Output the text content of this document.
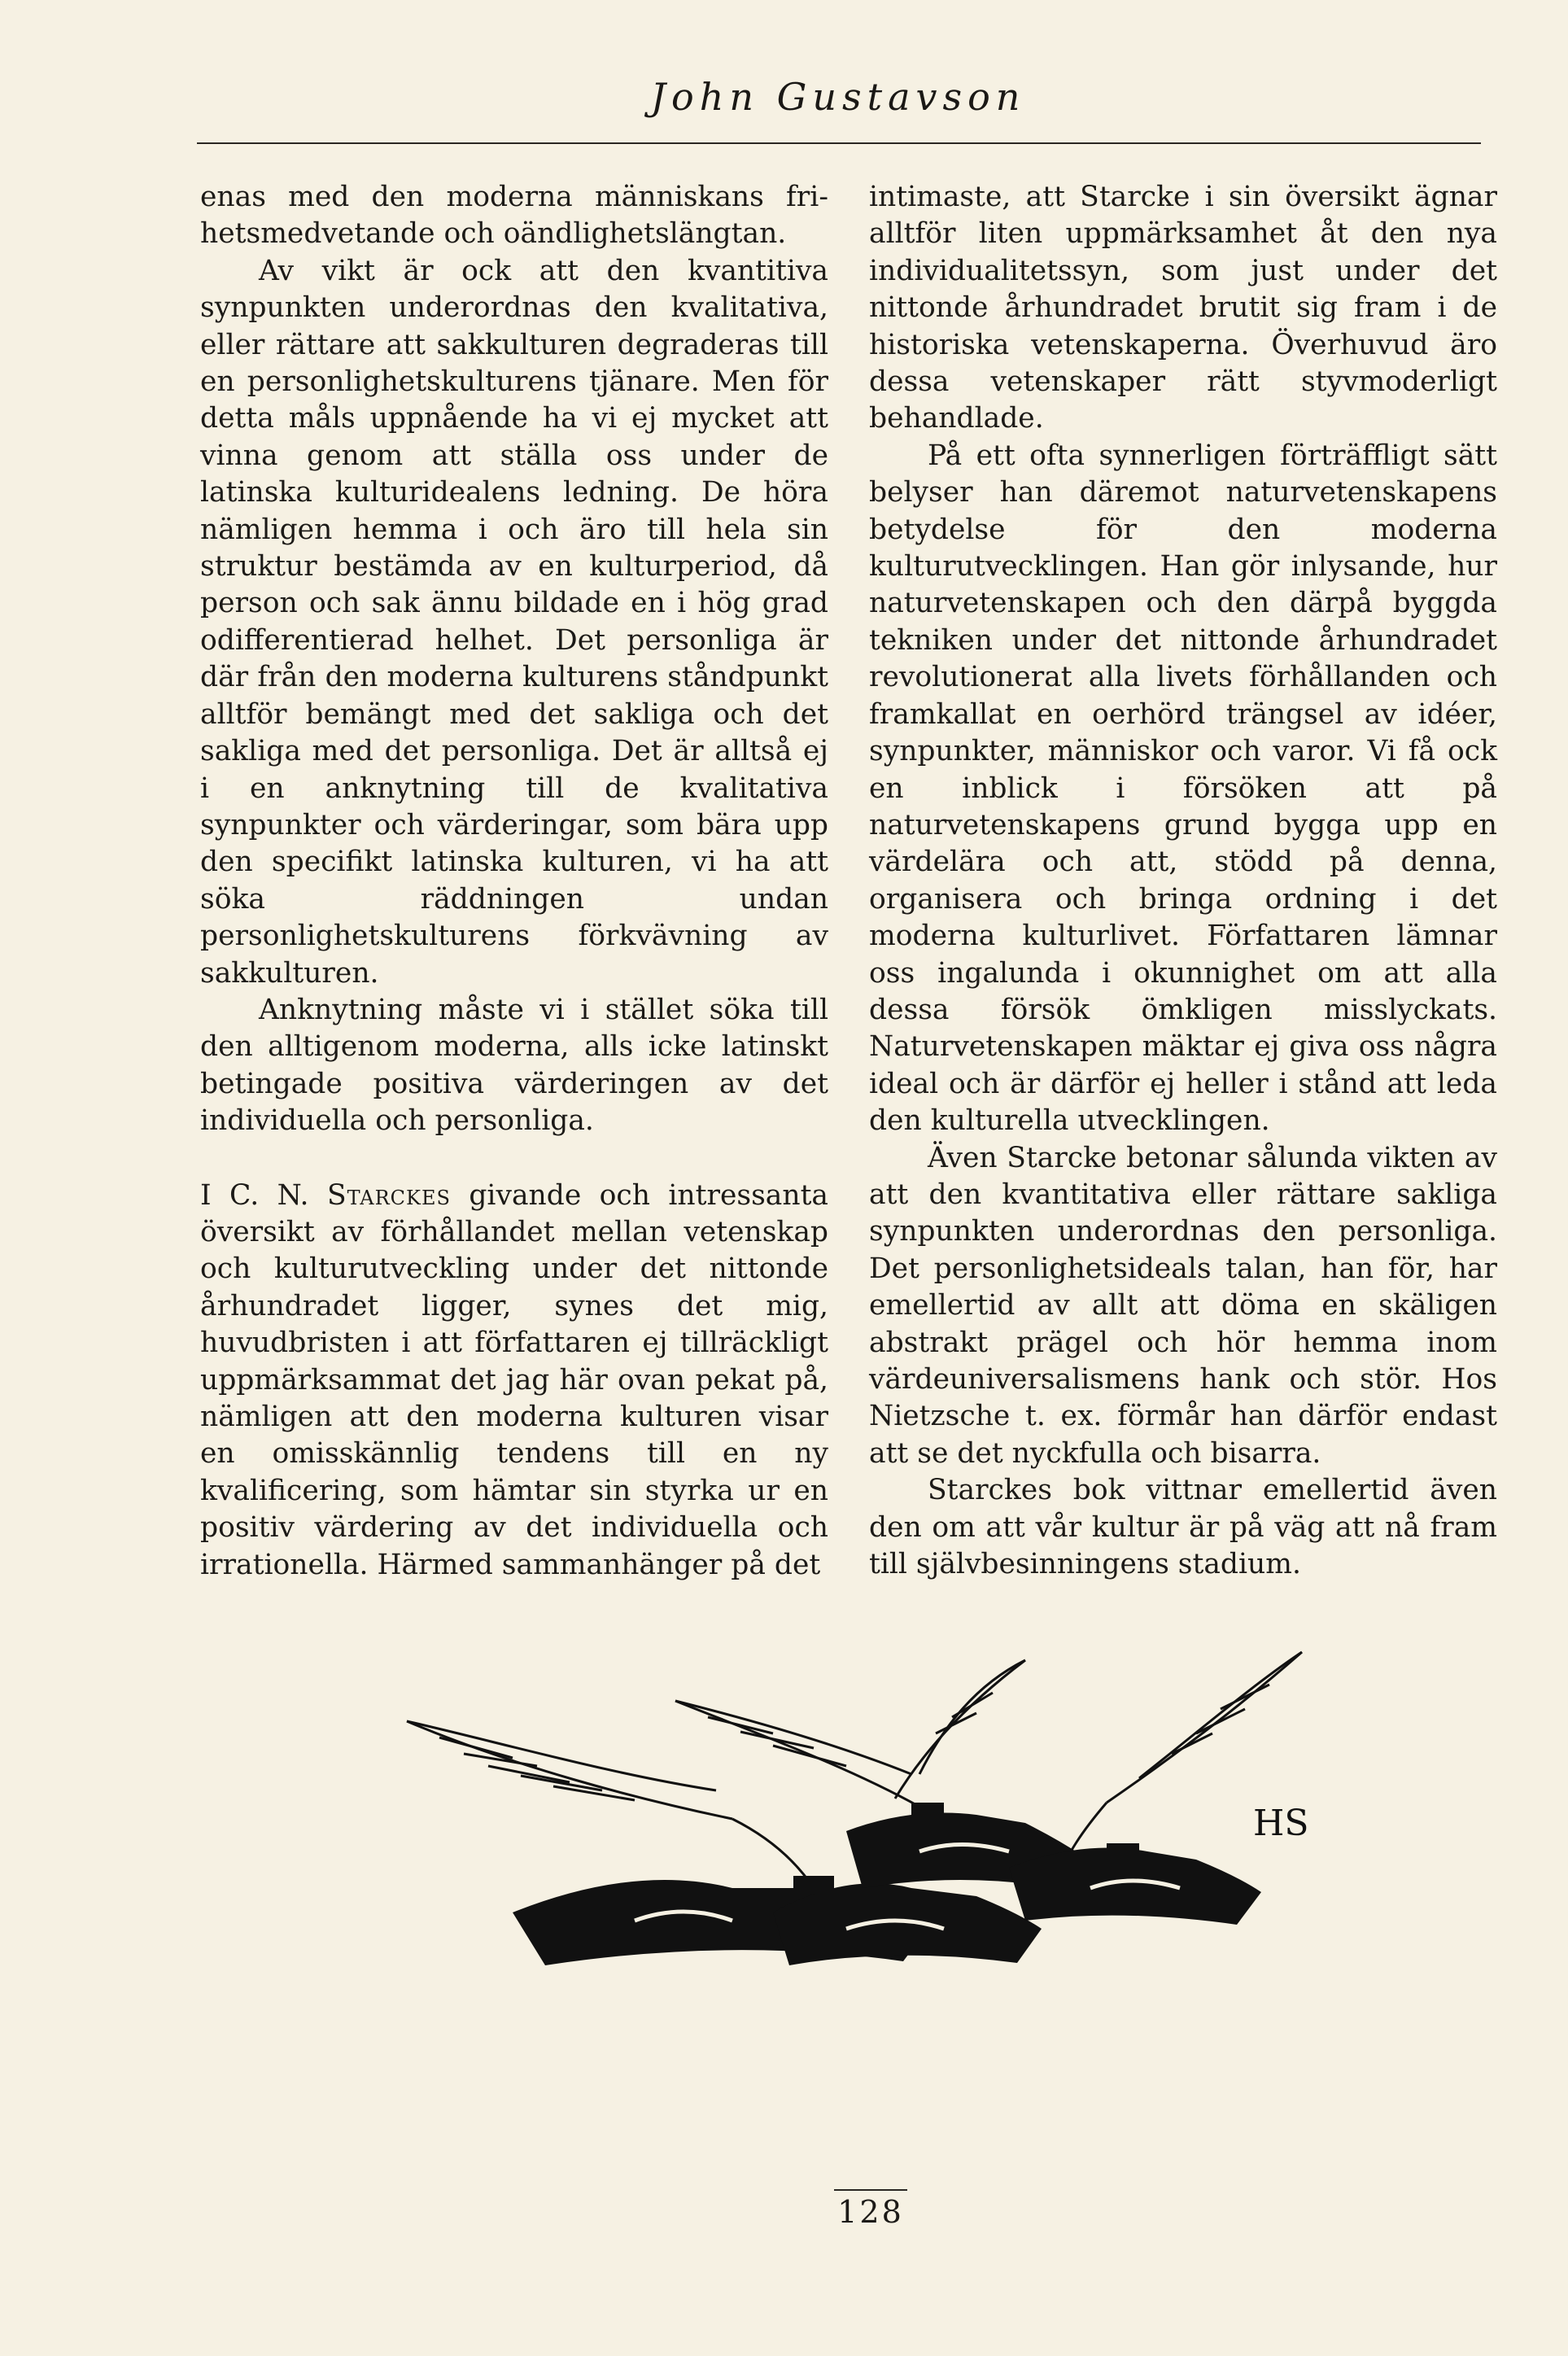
John Gustavson

enas med den moderna människans fri-hetsmedvetande och oändlighetslängtan.

Av vikt är ock att den kvantitiva synpunkten underordnas den kvalitativa, eller rättare att sakkulturen degraderas till en personlighetskulturens tjänare. Men för detta måls uppnående ha vi ej mycket att vinna genom att ställa oss under de latinska kulturidealens ledning. De höra nämligen hemma i och äro till hela sin struktur bestämda av en kulturperiod, då person och sak ännu bildade en i hög grad odifferentierad helhet. Det personliga är där från den moderna kulturens ståndpunkt alltför bemängt med det sakliga och det sakliga med det personliga. Det är alltså ej i en anknytning till de kvalitativa synpunkter och värderingar, som bära upp den specifikt latinska kulturen, vi ha att söka räddningen undan personlighetskulturens förkvävning av sakkulturen.

Anknytning måste vi i stället söka till den alltigenom moderna, alls icke latinskt betingade positiva värderingen av det individuella och personliga.

I C. N. Starckes givande och intressanta översikt av förhållandet mellan vetenskap och kulturutveckling under det nittonde århundradet ligger, synes det mig, huvudbristen i att författaren ej tillräckligt uppmärksammat det jag här ovan pekat på, nämligen att den moderna kulturen visar en omisskännlig tendens till en ny kvalificering, som hämtar sin styrka ur en positiv värdering av det individuella och irrationella. Härmed sammanhänger på det

intimaste, att Starcke i sin översikt ägnar alltför liten uppmärksamhet åt den nya individualitetssyn, som just under det nittonde århundradet brutit sig fram i de historiska vetenskaperna. Överhuvud äro dessa vetenskaper rätt styvmoderligt behandlade.

På ett ofta synnerligen förträffligt sätt belyser han däremot naturvetenskapens betydelse för den moderna kulturutvecklingen. Han gör inlysande, hur naturvetenskapen och den därpå byggda tekniken under det nittonde århundradet revolutionerat alla livets förhållanden och framkallat en oerhörd trängsel av idéer, synpunkter, människor och varor. Vi få ock en inblick i försöken att på naturvetenskapens grund bygga upp en värdelära och att, stödd på denna, organisera och bringa ordning i det moderna kulturlivet. Författaren lämnar oss ingalunda i okunnighet om att alla dessa försök ömkligen misslyckats. Naturvetenskapen mäktar ej giva oss några ideal och är därför ej heller i stånd att leda den kulturella utvecklingen.

Även Starcke betonar sålunda vikten av att den kvantitativa eller rättare sakliga synpunkten underordnas den personliga. Det personlighetsideals talan, han för, har emellertid av allt att döma en skäligen abstrakt prägel och hör hemma inom värdeuniversalismens hank och stör. Hos Nietzsche t. ex. förmår han därför endast att se det nyckfulla och bisarra.

Starckes bok vittnar emellertid även den om att vår kultur är på väg att nå fram till självbesinningens stadium.

HS
128
